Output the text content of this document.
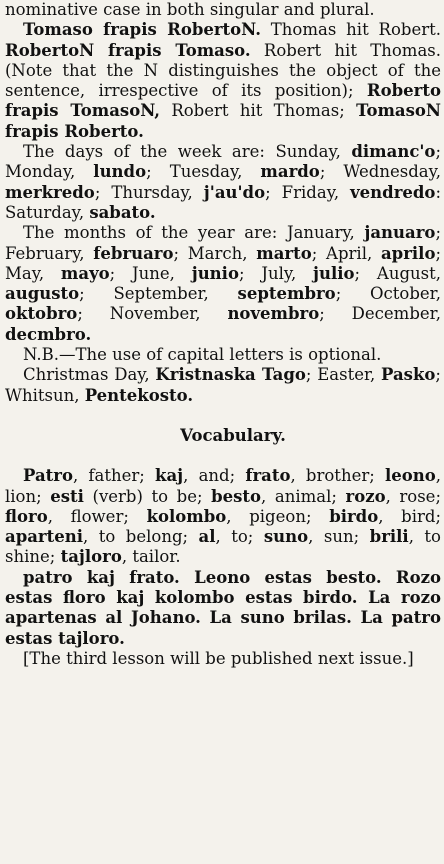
nominative case in both singular and plural.

Tomaso frapis RobertoN. Thomas hit Robert. RobertoN frapis Tomaso. Robert hit Thomas. (Note that the N distinguishes the object of the sentence, irrespective of its position); Roberto frapis TomasoN, Robert hit Thomas; TomasoN frapis Roberto.

The days of the week are: Sunday, dimanc'o; Monday, lundo; Tuesday, mardo; Wednesday, merkredo; Thursday, j'au'do; Friday, vendredo: Saturday, sabato.

The months of the year are: January, januaro; February, februaro; March, marto; April, aprilo; May, mayo; June, junio; July, julio; August, augusto; September, septembro; October, oktobro; November, novembro; December, decmbro.

N.B.—The use of capital letters is optional.

Christmas Day, Kristnaska Tago; Easter, Pasko; Whitsun, Pentekosto.

Vocabulary.

Patro, father; kaj, and; frato, brother; leono, lion; esti (verb) to be; besto, animal; rozo, rose; floro, flower; kolombo, pigeon; birdo, bird; aparteni, to belong; al, to; suno, sun; brili, to shine; tajloro, tailor.

patro kaj frato. Leono estas besto. Rozo estas floro kaj kolombo estas birdo. La rozo apartenas al Johano. La suno brilas. La patro estas tajloro.

[The third lesson will be published next issue.]
